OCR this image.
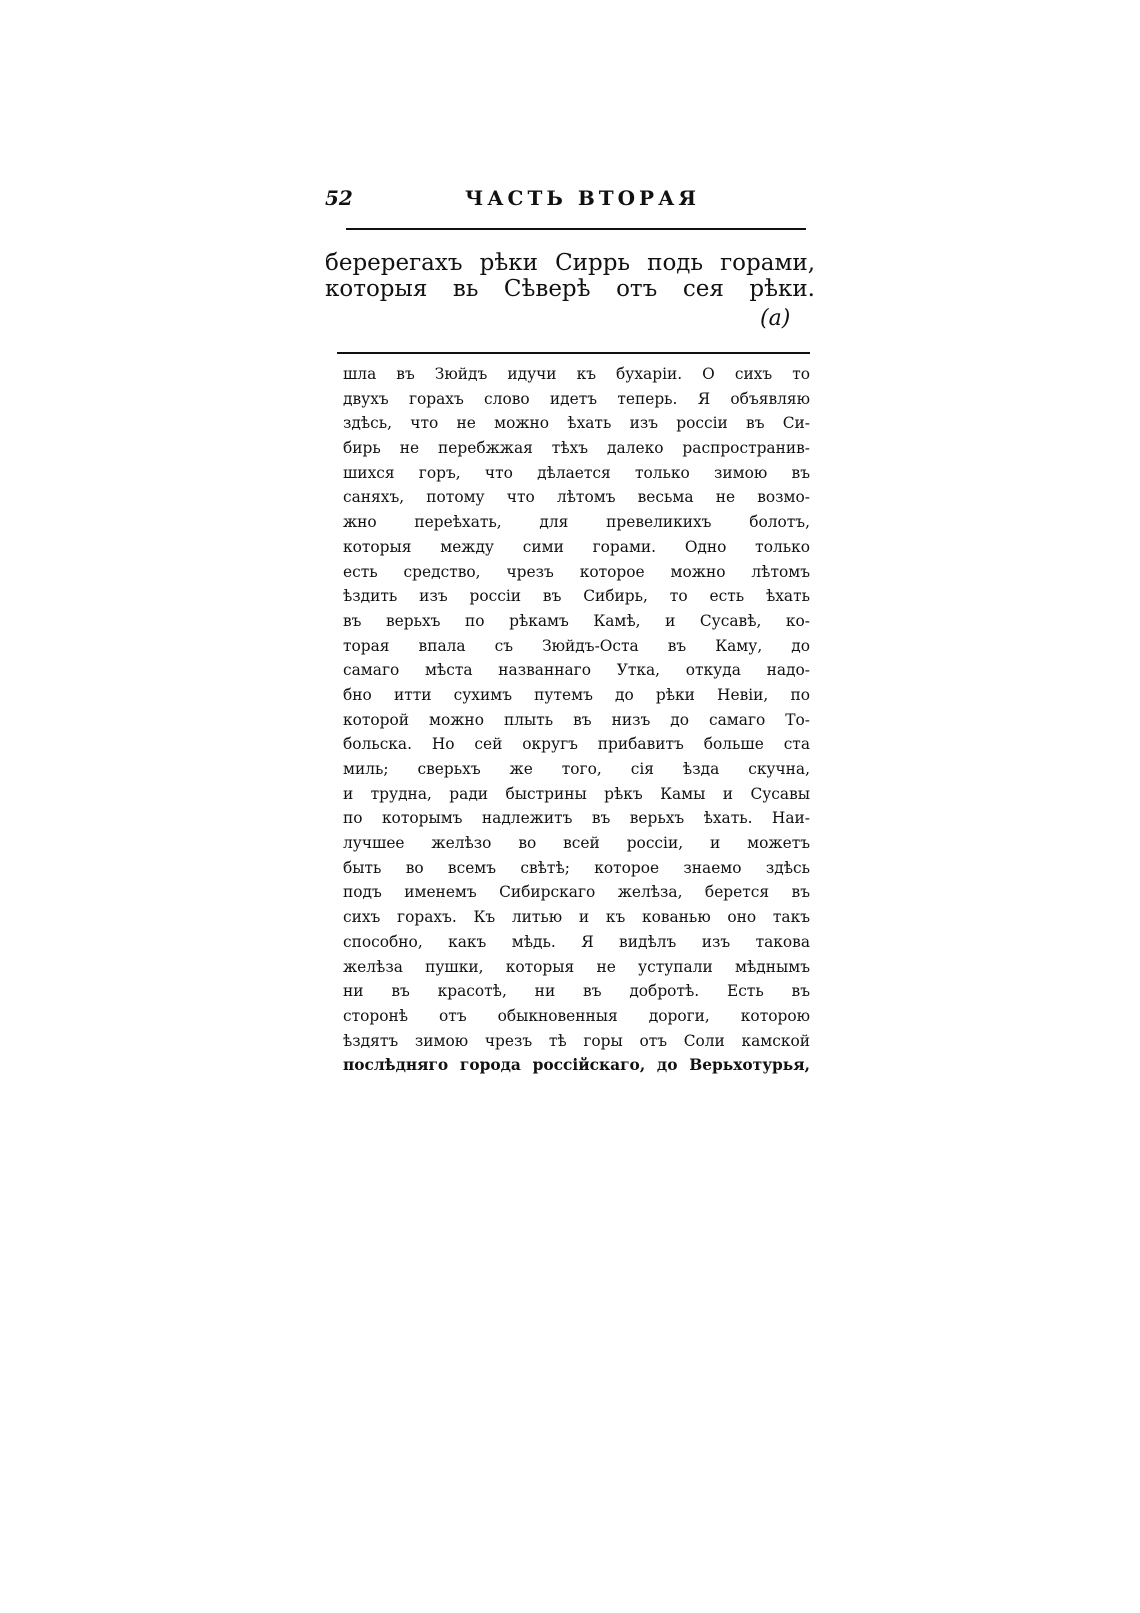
52	ЧАСТЬ ВТОРАЯ
беререгахъ рѣки Сиррь подь горами,
которыя вь Сѣверѣ отъ сея рѣки.
(a)
шла въ Зюйдъ идучи къ бухаріи. О сихъ то
двухъ горахъ слово идетъ теперь. Я объявляю
здѣсь, что не можно ѣхать изъ россіи въ Си-
бирь не перебжжая тѣхъ далеко распространив-
шихся горъ, что дѣлается только зимою въ
саняхъ, потому что лѣтомъ весьма не возмо-
жно переѣхать, для превеликихъ болотъ,
которыя между сими горами. Одно только
есть средство, чрезъ которое можно лѣтомъ
ѣздить изъ россіи въ Сибирь, то есть ѣхать
въ верьхъ по рѣкамъ Камѣ, и Сусавѣ, ко-
торая впала съ Зюйдъ-Оста въ Каму, до
самаго мѣста названнаго Утка, откуда надо-
бно итти сухимъ путемъ до рѣки Невіи, по
которой можно плыть въ низъ до самаго То-
больска. Но сей округъ прибавитъ больше ста
миль; сверьхъ же того, сія ѣзда скучна,
и трудна, ради быстрины рѣкъ Камы и Сусавы
по которымъ надлежитъ въ верьхъ ѣхать. Наи-
лучшее желѣзо во всей россіи, и можетъ
быть во всемъ свѣтѣ; которое знаемо здѣсь
подъ именемъ Сибирскаго желѣза, берется въ
сихъ горахъ. Къ литью и къ кованью оно такъ
способно, какъ мѣдь. Я видѣлъ изъ такова
желѣза пушки, которыя не уступали мѣднымъ
ни въ красотѣ, ни въ добротѣ. Есть въ
сторонѣ отъ обыкновенныя дороги, которою
ѣздятъ зимою чрезъ тѣ горы отъ Соли камской
послѣдняго города россійскаго, до Верьхотурья,
